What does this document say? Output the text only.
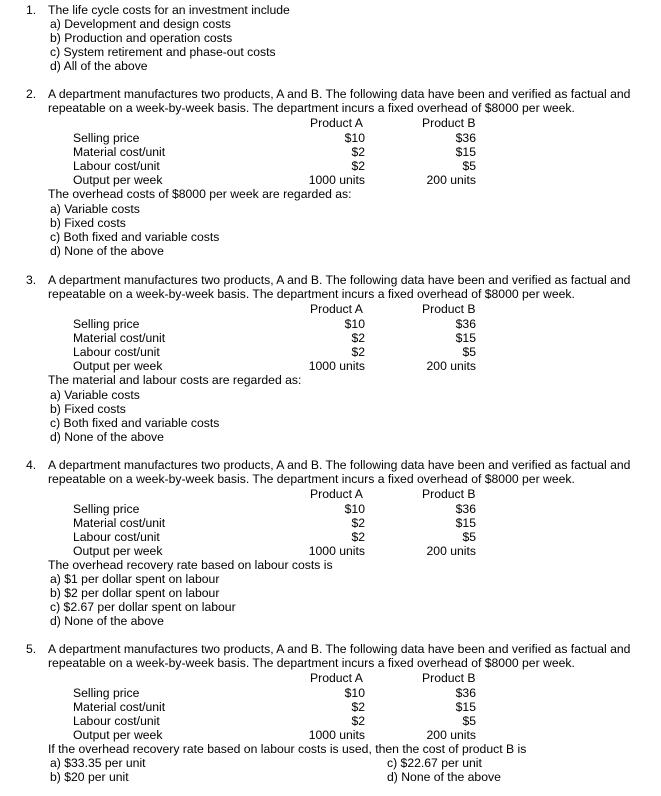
1. The life cycle costs for an investment include
a) Development and design costs
b) Production and operation costs
c) System retirement and phase-out costs
d) All of the above
2. A department manufactures two products, A and B. The following data have been and verified as factual and
repeatable on a week-by-week basis. The department incurs a fixed overhead of $8000 per week.
Product A	Product B
Selling price	$10	$36
Material cost/unit	$2	$15
Labour cost/unit	$2	$5
Output per week	1000 units	200 units
The overhead costs of $8000 per week are regarded as:
a) Variable costs
b) Fixed costs
c) Both fixed and variable costs
d) None of the above
3. A department manufactures two products, A and B. The following data have been and verified as factual and
repeatable on a week-by-week basis. The department incurs a fixed overhead of $8000 per week.
Product A	Product B
Selling price	$10	$36
Material cost/unit	$2	$15
Labour cost/unit	$2	$5
Output per week	1000 units	200 units
The material and labour costs are regarded as:
a) Variable costs
b) Fixed costs
c) Both fixed and variable costs
d) None of the above
4. A department manufactures two products, A and B. The following data have been and verified as factual and
repeatable on a week-by-week basis. The department incurs a fixed overhead of $8000 per week.
Product A	Product B
Selling price	$10	$36
Material cost/unit	$2	$15
Labour cost/unit	$2	$5
Output per week	1000 units	200 units
The overhead recovery rate based on labour costs is
a) $1 per dollar spent on labour
b) $2 per dollar spent on labour
c) $2.67 per dollar spent on labour
d) None of the above
5. A department manufactures two products, A and B. The following data have been and verified as factual and
repeatable on a week-by-week basis. The department incurs a fixed overhead of $8000 per week.
Product A	Product B
Selling price	$10	$36
Material cost/unit	$2	$15
Labour cost/unit	$2	$5
Output per week	1000 units	200 units
If the overhead recovery rate based on labour costs is used, then the cost of product B is
a) $33.35 per unit
b) $20 per unit
c) $22.67 per unit
d) None of the above
